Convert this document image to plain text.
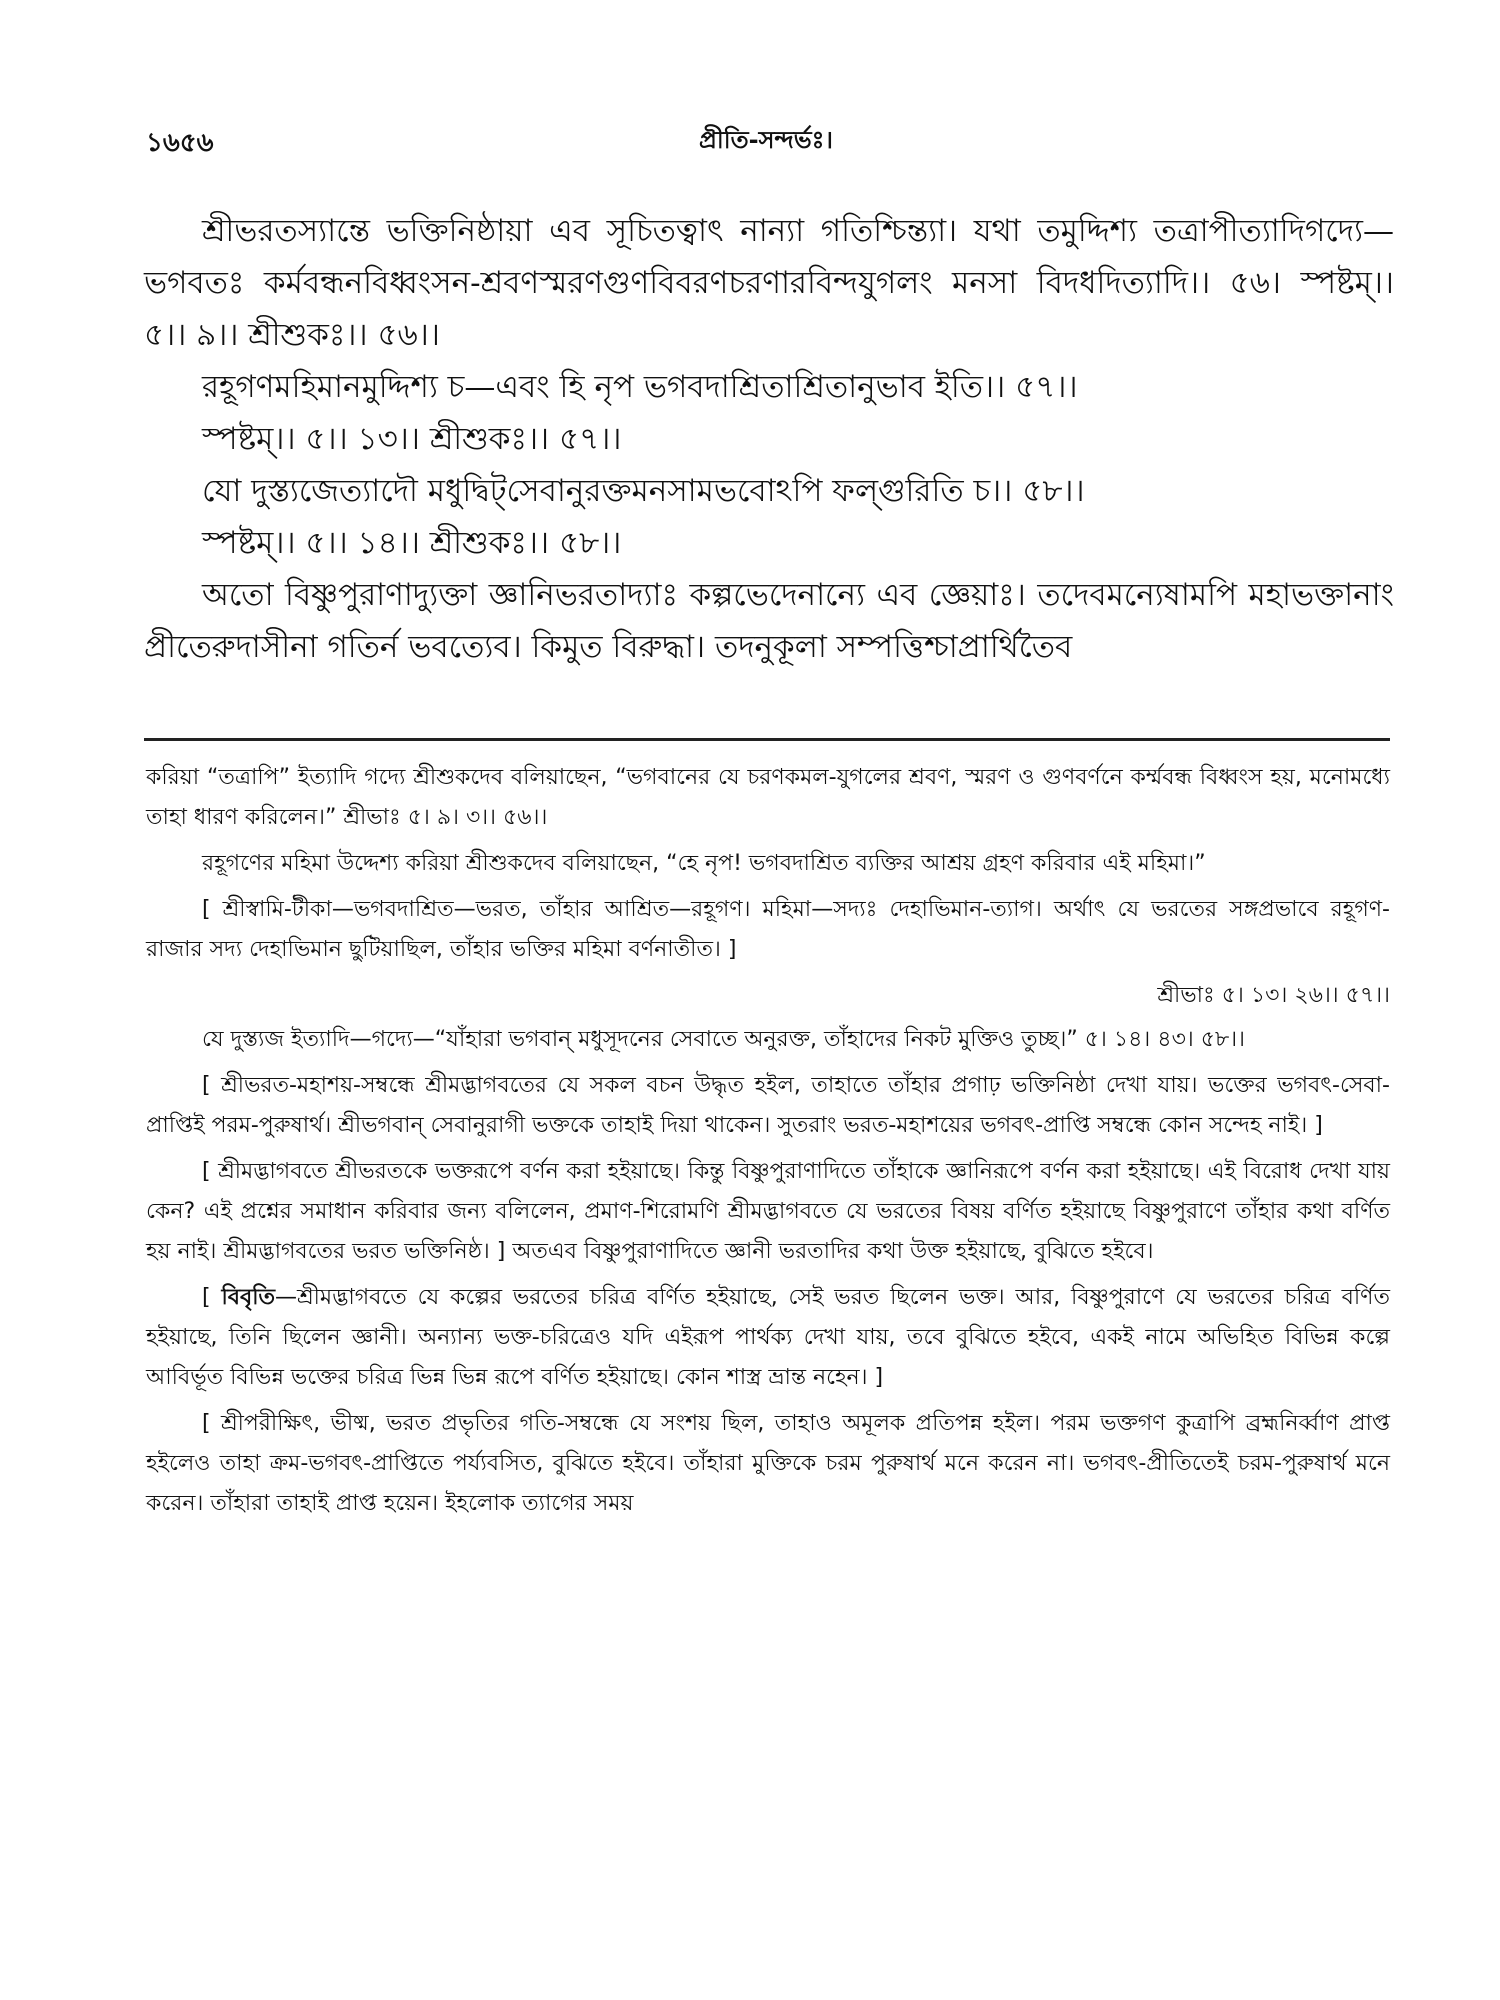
১৬৫৬	প্রীতি-সন্দর্ভঃ।

শ্রীভরতস্যান্তে ভক্তিনিষ্ঠায়া এব সূচিতত্বাৎ নান্যা গতিশ্চিন্ত্যা। যথা তমুদ্দিশ্য তত্রাপীত্যাদিগদ্যে—ভগবতঃ কর্মবন্ধনবিধ্বংসন-শ্রবণস্মরণগুণবিবরণচরণারবিন্দযুগলং মনসা বিদধদিত্যাদি।। ৫৬। স্পষ্টম্।। ৫।। ৯।। শ্রীশুকঃ।। ৫৬।।

রহূগণমহিমানমুদ্দিশ্য চ—এবং হি নৃপ ভগবদাশ্রিতাশ্রিতানুভাব ইতি।। ৫৭।।

স্পষ্টম্।। ৫।। ১৩।। শ্রীশুকঃ।। ৫৭।।

যো দুস্ত্যজেত্যাদৌ মধুদ্বিট্‌সেবানুরক্তমনসামভবোঽপি ফল্গুরিতি চ।। ৫৮।।

স্পষ্টম্।। ৫।। ১৪।। শ্রীশুকঃ।। ৫৮।।

অতো বিষ্ণুপুরাণাদ্যুক্তা জ্ঞানিভরতাদ্যাঃ কল্পভেদেনান্যে এব জ্ঞেয়াঃ। তদেবমন্যেষামপি মহাভক্তানাং প্রীতেরুদাসীনা গতির্ন ভবত্যেব। কিমুত বিরুদ্ধা। তদনুকূলা সম্পত্তিশ্চাপ্রার্থিতৈব

করিয়া “তত্রাপি” ইত্যাদি গদ্যে শ্রীশুকদেব বলিয়াছেন, “ভগবানের যে চরণকমল-যুগলের শ্রবণ, স্মরণ ও গুণবর্ণনে কর্ম্মবন্ধ বিধ্বংস হয়, মনোমধ্যে তাহা ধারণ করিলেন।” শ্রীভাঃ ৫। ৯। ৩।। ৫৬।।

রহূগণের মহিমা উদ্দেশ্য করিয়া শ্রীশুকদেব বলিয়াছেন, “হে নৃপ! ভগবদাশ্রিত ব্যক্তির আশ্রয় গ্রহণ করিবার এই মহিমা।”

[ শ্রীস্বামি-টীকা—ভগবদাশ্রিত—ভরত, তাঁহার আশ্রিত—রহূগণ। মহিমা—সদ্যঃ দেহাভিমান-ত্যাগ। অর্থাৎ যে ভরতের সঙ্গপ্রভাবে রহূগণ-রাজার সদ্য দেহাভিমান ছুটিয়াছিল, তাঁহার ভক্তির মহিমা বর্ণনাতীত। ]

শ্রীভাঃ ৫। ১৩। ২৬।। ৫৭।।

যে দুস্ত্যজ ইত্যাদি—গদ্যে—“যাঁহারা ভগবান্ মধুসূদনের সেবাতে অনুরক্ত, তাঁহাদের নিকট মুক্তিও তুচ্ছ।” ৫। ১৪। ৪৩। ৫৮।।

[ শ্রীভরত-মহাশয়-সম্বন্ধে শ্রীমদ্ভাগবতের যে সকল বচন উদ্ধৃত হইল, তাহাতে তাঁহার প্রগাঢ় ভক্তিনিষ্ঠা দেখা যায়। ভক্তের ভগবৎ-সেবা-প্রাপ্তিই পরম-পুরুষার্থ। শ্রীভগবান্ সেবানুরাগী ভক্তকে তাহাই দিয়া থাকেন। সুতরাং ভরত-মহাশয়ের ভগবৎ-প্রাপ্তি সম্বন্ধে কোন সন্দেহ নাই। ]

[ শ্রীমদ্ভাগবতে শ্রীভরতকে ভক্তরূপে বর্ণন করা হইয়াছে। কিন্তু বিষ্ণুপুরাণাদিতে তাঁহাকে জ্ঞানিরূপে বর্ণন করা হইয়াছে। এই বিরোধ দেখা যায় কেন? এই প্রশ্নের সমাধান করিবার জন্য বলিলেন, প্রমাণ-শিরোমণি শ্রীমদ্ভাগবতে যে ভরতের বিষয় বর্ণিত হইয়াছে বিষ্ণুপুরাণে তাঁহার কথা বর্ণিত হয় নাই। শ্রীমদ্ভাগবতের ভরত ভক্তিনিষ্ঠ। ] অতএব বিষ্ণুপুরাণাদিতে জ্ঞানী ভরতাদির কথা উক্ত হইয়াছে, বুঝিতে হইবে।

[ বিবৃতি—শ্রীমদ্ভাগবতে যে কল্পের ভরতের চরিত্র বর্ণিত হইয়াছে, সেই ভরত ছিলেন ভক্ত। আর, বিষ্ণুপুরাণে যে ভরতের চরিত্র বর্ণিত হইয়াছে, তিনি ছিলেন জ্ঞানী। অন্যান্য ভক্ত-চরিত্রেও যদি এইরূপ পার্থক্য দেখা যায়, তবে বুঝিতে হইবে, একই নামে অভিহিত বিভিন্ন কল্পে আবির্ভূত বিভিন্ন ভক্তের চরিত্র ভিন্ন ভিন্ন রূপে বর্ণিত হইয়াছে। কোন শাস্ত্র ভ্রান্ত নহেন। ]

[ শ্রীপরীক্ষিৎ, ভীষ্ম, ভরত প্রভৃতির গতি-সম্বন্ধে যে সংশয় ছিল, তাহাও অমূলক প্রতিপন্ন হইল। পরম ভক্তগণ কুত্রাপি ব্রহ্মনির্ব্বাণ প্রাপ্ত হইলেও তাহা ক্রম-ভগবৎ-প্রাপ্তিতে পর্য্যবসিত, বুঝিতে হইবে। তাঁহারা মুক্তিকে চরম পুরুষার্থ মনে করেন না। ভগবৎ-প্রীতিতেই চরম-পুরুষার্থ মনে করেন। তাঁহারা তাহাই প্রাপ্ত হয়েন। ইহলোক ত্যাগের সময়
